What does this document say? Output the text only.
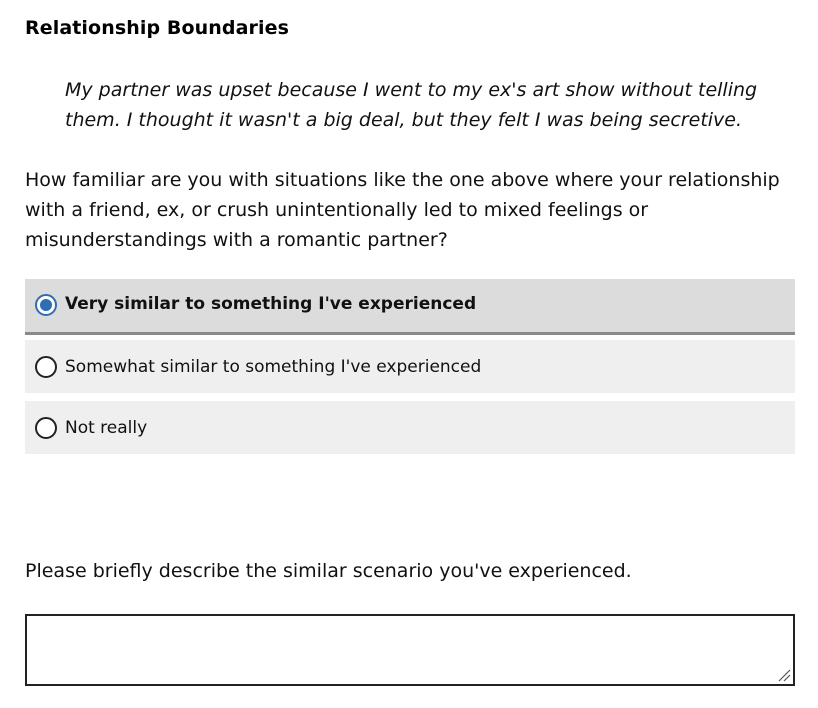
Relationship Boundaries
My partner was upset because I went to my ex's art show without telling them. I thought it wasn't a big deal, but they felt I was being secretive.
How familiar are you with situations like the one above where your relationship with a friend, ex, or crush unintentionally led to mixed feelings or misunderstandings with a romantic partner?
Very similar to something I've experienced
Somewhat similar to something I've experienced
Not really
Please briefly describe the similar scenario you've experienced.
